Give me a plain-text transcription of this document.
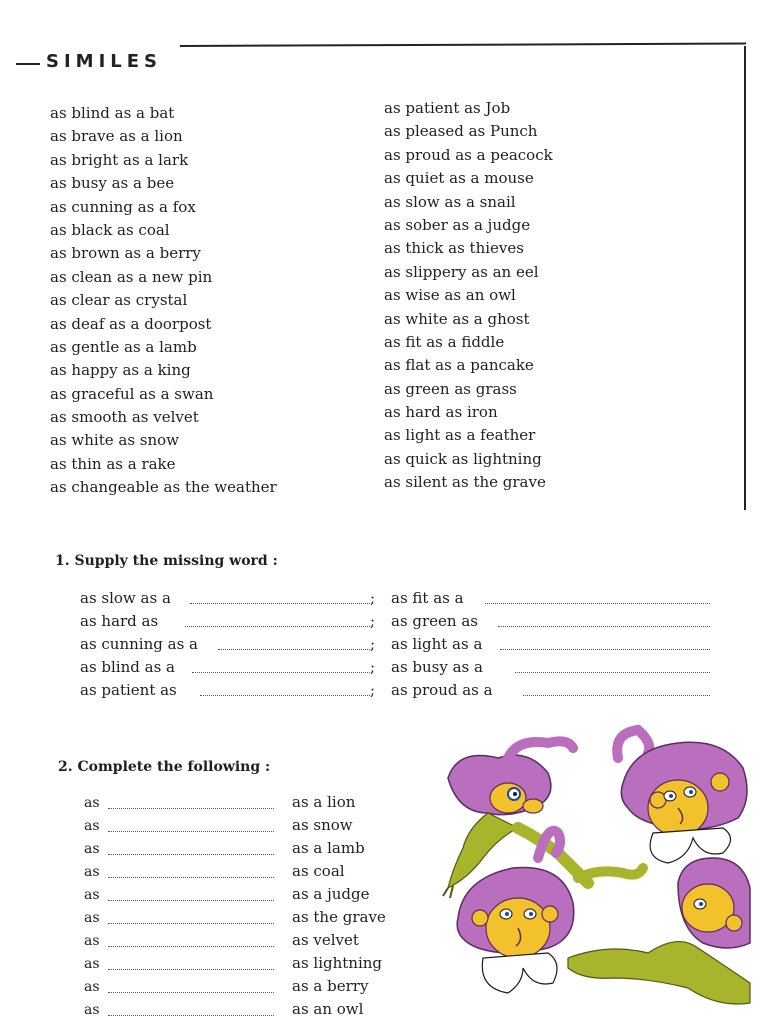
SIMILES
as blind as a bat
as brave as a lion
as bright as a lark
as busy as a bee
as cunning as a fox
as black as coal
as brown as a berry
as clean as a new pin
as clear as crystal
as deaf as a doorpost
as gentle as a lamb
as happy as a king
as graceful as a swan
as smooth as velvet
as white as snow
as thin as a rake
as changeable as the weather
as patient as Job
as pleased as Punch
as proud as a peacock
as quiet as a mouse
as slow as a snail
as sober as a judge
as thick as thieves
as slippery as an eel
as wise as an owl
as white as a ghost
as fit as a fiddle
as flat as a pancake
as green as grass
as hard as iron
as light as a feather
as quick as lightning
as silent as the grave
1. Supply the missing word :
as slow as a	; as fit as a
as hard as	; as green as
as cunning as a	; as light as a
as blind as a	; as busy as a
as patient as	; as proud as a
2. Complete the following :
as	as a lion
as	as snow
as	as a lamb
as	as coal
as	as a judge
as	as the grave
as	as velvet
as	as lightning
as	as a berry
as	as an owl
